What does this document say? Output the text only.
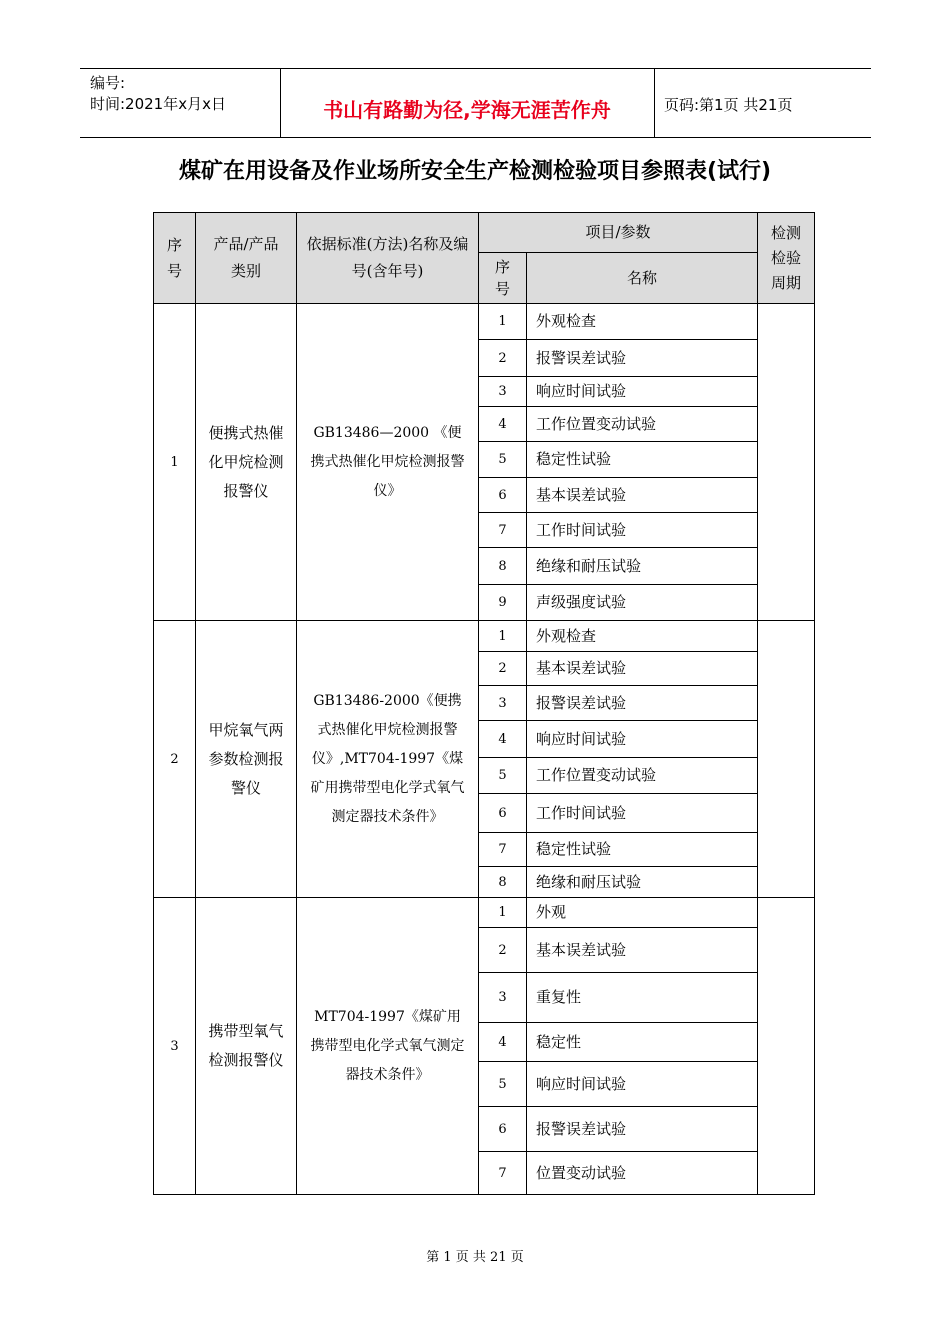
编号:
时间:2021年x月x日	书山有路勤为径,学海无涯苦作舟	页码:第1页 共21页
煤矿在用设备及作业场所安全生产检测检验项目参照表(试行)
序号	产品/产品类别	依据标准(方法)名称及编号(含年号)	项目/参数		检测检验周期

			序号	名称	
1	便携式热催化甲烷检测报警仪	GB13486—2000 《便携式热催化甲烷检测报警仪》	1	外观检查	
			2	报警误差试验	
			3	响应时间试验	
			4	工作位置变动试验	
			5	稳定性试验	
			6	基本误差试验	
			7	工作时间试验	
			8	绝缘和耐压试验	
			9	声级强度试验	
2	甲烷氧气两参数检测报警仪	GB13486-2000《便携式热催化甲烷检测报警仪》,MT704-1997《煤矿用携带型电化学式氧气测定器技术条件》	1	外观检查	
			2	基本误差试验	
			3	报警误差试验	
			4	响应时间试验	
			5	工作位置变动试验	
			6	工作时间试验	
			7	稳定性试验	
			8	绝缘和耐压试验	
3	携带型氧气检测报警仪	MT704-1997《煤矿用携带型电化学式氧气测定器技术条件》	1	外观	
			2	基本误差试验	
			3	重复性	
			4	稳定性	
			5	响应时间试验	
			6	报警误差试验	
			7	位置变动试验	
第 1 页 共 21 页
